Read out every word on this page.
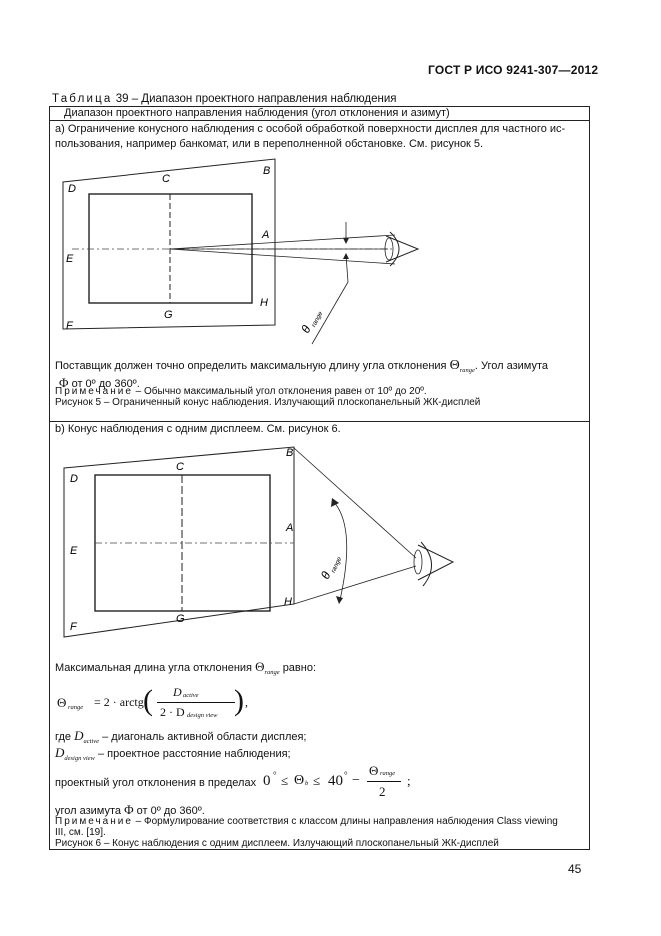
ГОСТ Р ИСО 9241-307—2012
Таблица 39 – Диапазон проектного направления наблюдения
Диапазон проектного направления наблюдения (угол отклонения и азимут)
a) Ограничение конусного наблюдения с особой обработкой поверхности дисплея для частного ис-
пользования, например банкомат, или в переполненной обстановке. См. рисунок 5.
D
C
B
E
A
F
G
H
θ
range
Поставщик должен точно определить максимальную длину угла отклонения $\Theta_{range}$. Угол азимута
Φ от 0º до 360º.
Примечание – Обычно максимальный угол отклонения равен от 10º до 20º.
Рисунок 5 – Ограниченный конус наблюдения. Излучающий плоскопанельный ЖК-дисплей
b) Конус наблюдения с одним дисплеем. См. рисунок 6.
D
C
B
E
A
F
G
H
θ
range
Максимальная длина угла отклонения $\Theta_{range}$ равно:
Θ range = 2 · arctg ( D active
2 · D design view ) ,
где $D_{active}$ – диагональ активной области дисплея;
$D_{design view}$ – проектное расстояние наблюдения;
проектный угол отклонения в пределах 0 ° ≤ Θ b ≤ 40 ° −
Θ range
2
;
угол азимута Φ от 0º до 360º.
Примечание – Формулирование соответствия с классом длины направления наблюдения Class viewing
III, см. [19].
Рисунок 6 – Конус наблюдения с одним дисплеем. Излучающий плоскопанельный ЖК-дисплей
45
